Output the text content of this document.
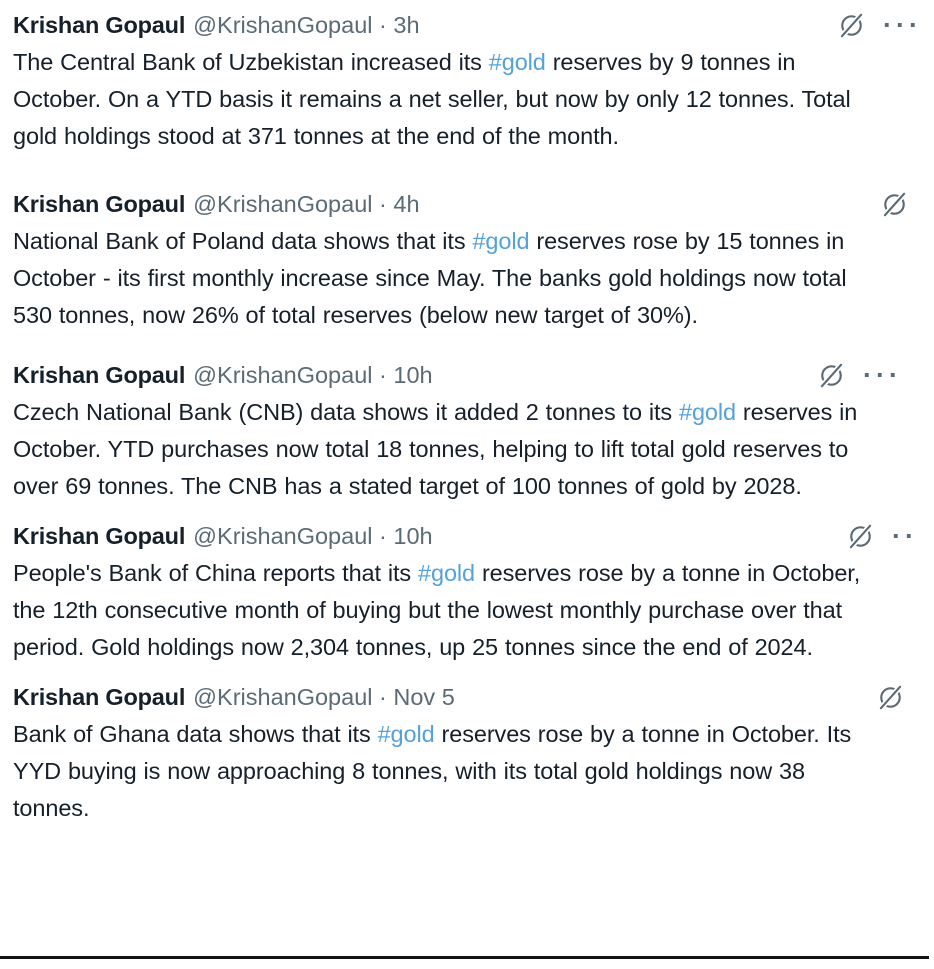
Krishan Gopaul @KrishanGopaul · 3h	···

The Central Bank of Uzbekistan increased its #gold reserves by 9 tonnes in October. On a YTD basis it remains a net seller, but now by only 12 tonnes. Total gold holdings stood at 371 tonnes at the end of the month.

Krishan Gopaul @KrishanGopaul · 4h

National Bank of Poland data shows that its #gold reserves rose by 15 tonnes in October - its first monthly increase since May. The banks gold holdings now total 530 tonnes, now 26% of total reserves (below new target of 30%).

Krishan Gopaul @KrishanGopaul · 10h	···

Czech National Bank (CNB) data shows it added 2 tonnes to its #gold reserves in October. YTD purchases now total 18 tonnes, helping to lift total gold reserves to over 69 tonnes. The CNB has a stated target of 100 tonnes of gold by 2028.

Krishan Gopaul @KrishanGopaul · 10h	··

People's Bank of China reports that its #gold reserves rose by a tonne in October, the 12th consecutive month of buying but the lowest monthly purchase over that period. Gold holdings now 2,304 tonnes, up 25 tonnes since the end of 2024.

Krishan Gopaul @KrishanGopaul · Nov 5

Bank of Ghana data shows that its #gold reserves rose by a tonne in October. Its YYD buying is now approaching 8 tonnes, with its total gold holdings now 38 tonnes.
